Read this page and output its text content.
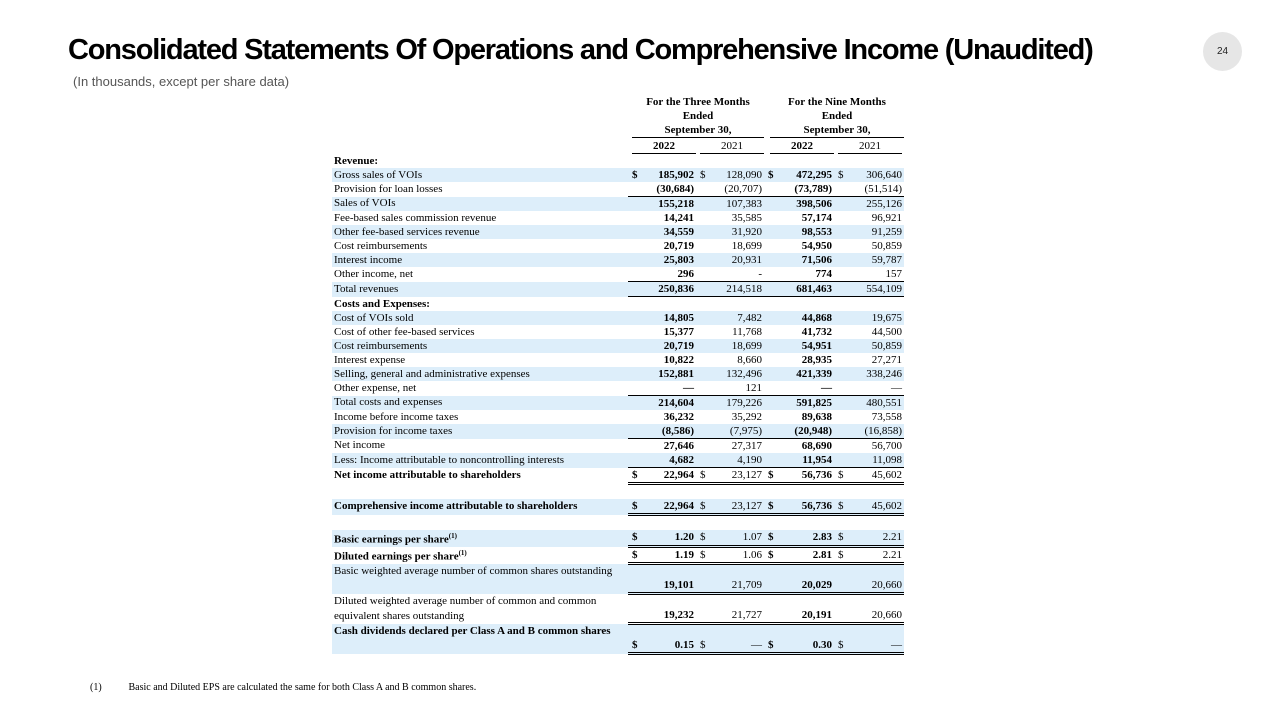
Consolidated Statements Of Operations and Comprehensive Income (Unaudited)
(In thousands, except per share data)
24
For the Three Months
Ended
September 30,
For the Nine Months
Ended
September 30,
2022	2021	2022	2021
Revenue:								
Gross sales of VOIs	$	185,902	$	128,090	$	472,295	$	306,640
Provision for loan losses		(30,684)		(20,707)		(73,789)		(51,514)
Sales of VOIs		155,218		107,383		398,506		255,126
Fee-based sales commission revenue		14,241		35,585		57,174		96,921
Other fee-based services revenue		34,559		31,920		98,553		91,259
Cost reimbursements		20,719		18,699		54,950		50,859
Interest income		25,803		20,931		71,506		59,787
Other income, net		296		-		774		157
Total revenues		250,836		214,518		681,463		554,109
Costs and Expenses:								
Cost of VOIs sold		14,805		7,482		44,868		19,675
Cost of other fee-based services		15,377		11,768		41,732		44,500
Cost reimbursements		20,719		18,699		54,951		50,859
Interest expense		10,822		8,660		28,935		27,271
Selling, general and administrative expenses		152,881		132,496		421,339		338,246
Other expense, net		—		121		—		—
Total costs and expenses		214,604		179,226		591,825		480,551
Income before income taxes		36,232		35,292		89,638		73,558
Provision for income taxes		(8,586)		(7,975)		(20,948)		(16,858)
Net income		27,646		27,317		68,690		56,700
Less: Income attributable to noncontrolling interests		4,682		4,190		11,954		11,098
Net income attributable to shareholders	$	22,964	$	23,127	$	56,736	$	45,602

Comprehensive income attributable to shareholders	$	22,964	$	23,127	$	56,736	$	45,602

Basic earnings per share$^{(1)}$	$	1.20	$	1.07	$	2.83	$	2.21
Diluted earnings per share$^{(1)}$	$	1.19	$	1.06	$	2.81	$	2.21
Basic weighted average number of common shares outstanding		19,101		21,709		20,029		20,660
Diluted weighted average number of common and common equivalent shares outstanding		19,232		21,727		20,191		20,660
Cash dividends declared per Class A and B common shares	$	0.15	$	—	$	0.30	$	—
(1)	Basic and Diluted EPS are calculated the same for both Class A and B common shares.
